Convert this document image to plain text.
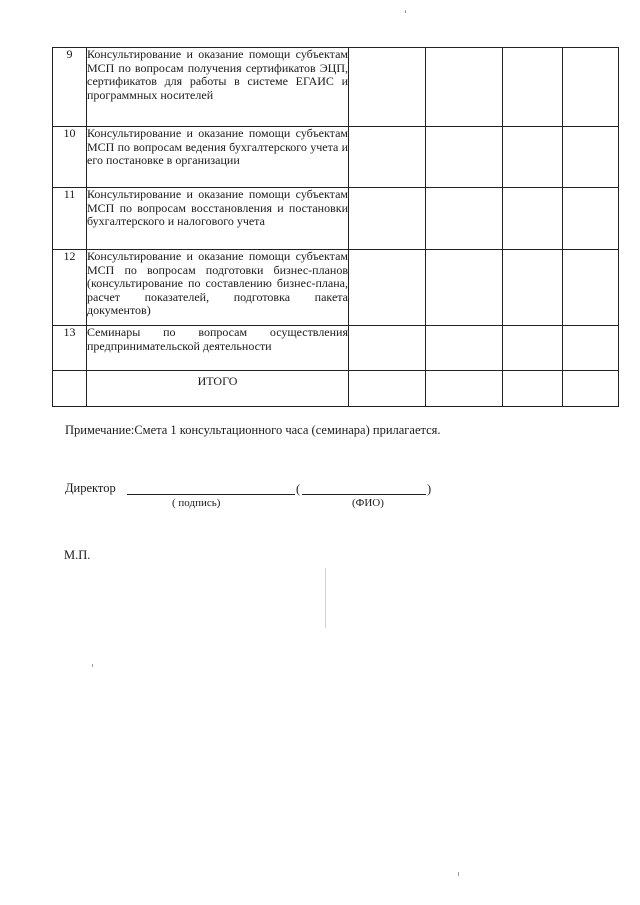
9	Консультирование и оказание помощи субъектам МСП по вопросам получения сертификатов ЭЦП, сертификатов для работы в системе ЕГАИС и программных носителей				
10	Консультирование и оказание помощи субъектам МСП по вопросам ведения бухгалтерского учета и его постановке в организации				
11	Консультирование и оказание помощи субъектам МСП по вопросам восстановления и постановки бухгалтерского и налогового учета				
12	Консультирование и оказание помощи субъектам МСП по вопросам подготовки бизнес-планов (консультирование по составлению бизнес-плана, расчет показателей, подготовка пакета документов)				
13	Семинары по вопросам осуществления предпринимательской деятельности				
	ИТОГО				
Примечание:Смета 1 консультационного часа (семинара) прилагается.
Директор	(	)
( подпись)	(ФИО)
М.П.
